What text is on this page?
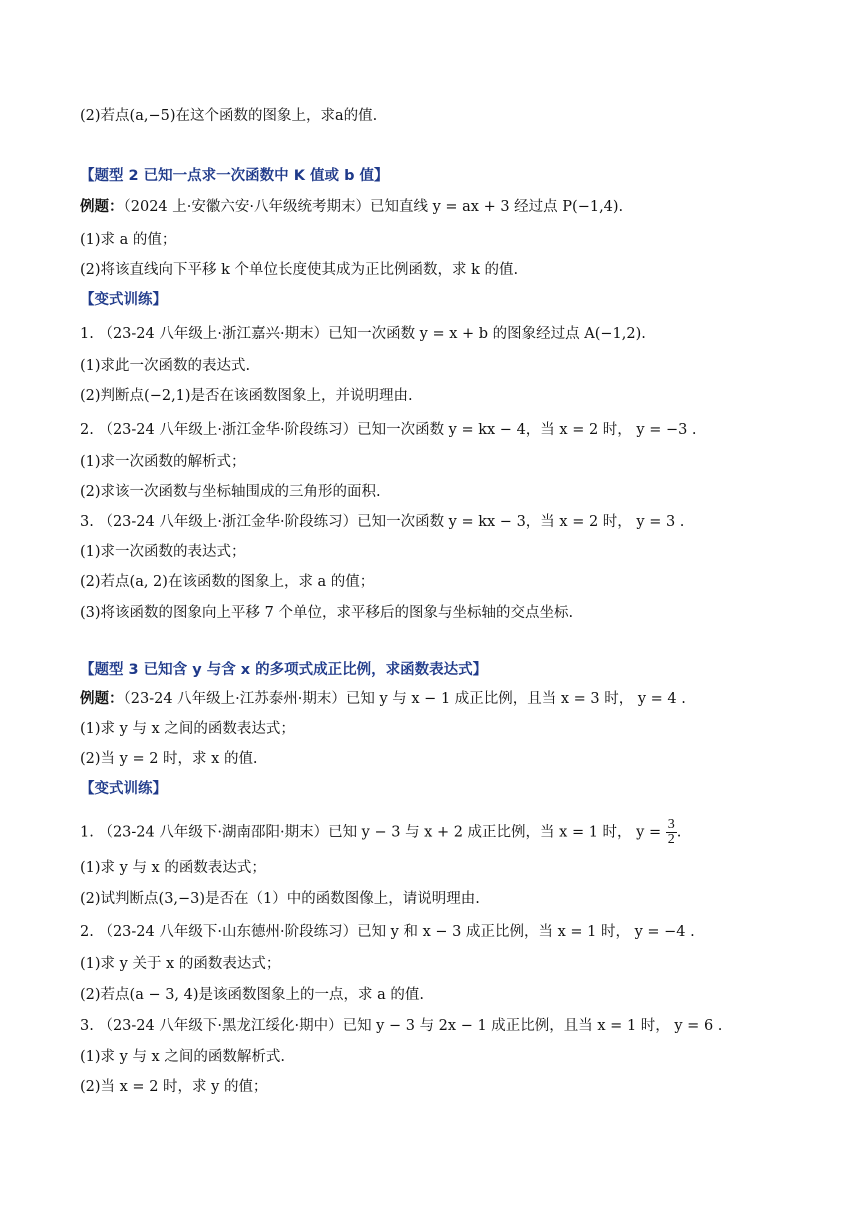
(2)若点(a,−5)在这个函数的图象上，求a的值.
【题型 2 已知一点求一次函数中 K 值或 b 值】
例题：（2024 上·安徽六安·八年级统考期末）已知直线 y = ax + 3 经过点 P(−1,4).
(1)求 a 的值；
(2)将该直线向下平移 k 个单位长度使其成为正比例函数，求 k 的值.
【变式训练】
1. （23-24 八年级上·浙江嘉兴·期末）已知一次函数 y = x + b 的图象经过点 A(−1,2).
(1)求此一次函数的表达式.
(2)判断点(−2,1)是否在该函数图象上，并说明理由.
2. （23-24 八年级上·浙江金华·阶段练习）已知一次函数 y = kx − 4，当 x = 2 时， y = −3 .
(1)求一次函数的解析式；
(2)求该一次函数与坐标轴围成的三角形的面积.
3. （23-24 八年级上·浙江金华·阶段练习）已知一次函数 y = kx − 3，当 x = 2 时， y = 3 .
(1)求一次函数的表达式；
(2)若点(a, 2)在该函数的图象上，求 a 的值；
(3)将该函数的图象向上平移 7 个单位，求平移后的图象与坐标轴的交点坐标.
【题型 3 已知含 y 与含 x 的多项式成正比例，求函数表达式】
例题：（23-24 八年级上·江苏泰州·期末）已知 y 与 x − 1 成正比例，且当 x = 3 时， y = 4 .
(1)求 y 与 x 之间的函数表达式；
(2)当 y = 2 时，求 x 的值.
【变式训练】
1. （23-24 八年级下·湖南邵阳·期末）已知 y − 3 与 x + 2 成正比例，当 x = 1 时， $y = \frac{3}{2}$ .
(1)求 y 与 x 的函数表达式；
(2)试判断点(3,−3)是否在（1）中的函数图像上，请说明理由.
2. （23-24 八年级下·山东德州·阶段练习）已知 y 和 x − 3 成正比例，当 x = 1 时， y = −4 .
(1)求 y 关于 x 的函数表达式；
(2)若点(a − 3, 4)是该函数图象上的一点，求 a 的值.
3. （23-24 八年级下·黑龙江绥化·期中）已知 y − 3 与 2x − 1 成正比例，且当 x = 1 时， y = 6 .
(1)求 y 与 x 之间的函数解析式.
(2)当 x = 2 时，求 y 的值；
